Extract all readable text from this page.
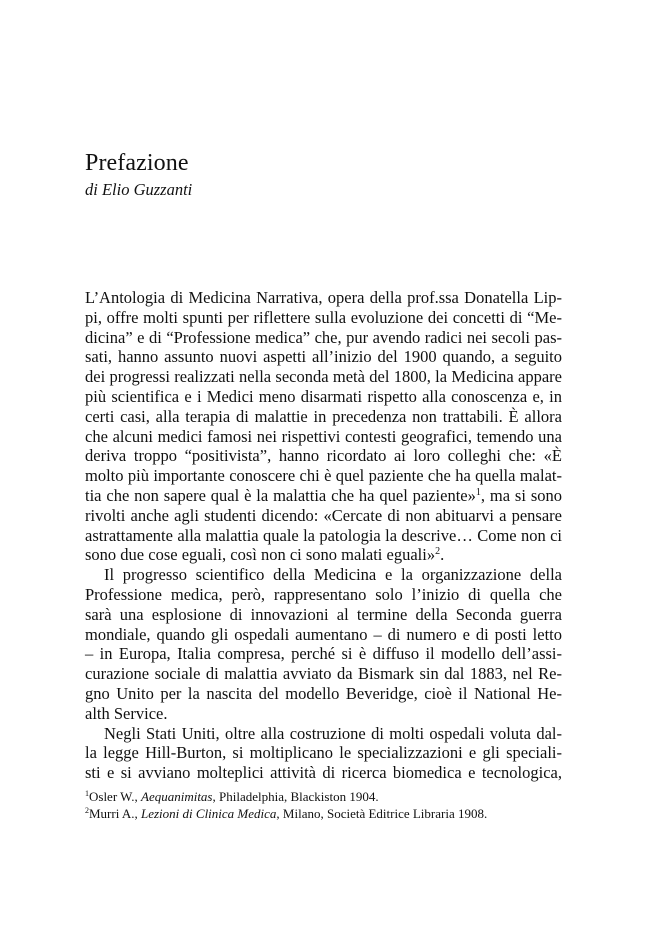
Prefazione
di Elio Guzzanti
L’Antologia di Medicina Narrativa, opera della prof.ssa Donatella Lip-
pi, offre molti spunti per riflettere sulla evoluzione dei concetti di “Me-
dicina” e di “Professione medica” che, pur avendo radici nei secoli pas-
sati, hanno assunto nuovi aspetti all’inizio del 1900 quando, a seguito
dei progressi realizzati nella seconda metà del 1800, la Medicina appare
più scientifica e i Medici meno disarmati rispetto alla conoscenza e, in
certi casi, alla terapia di malattie in precedenza non trattabili. È allora
che alcuni medici famosi nei rispettivi contesti geografici, temendo una
deriva troppo “positivista”, hanno ricordato ai loro colleghi che: «È
molto più importante conoscere chi è quel paziente che ha quella malat-
tia che non sapere qual è la malattia che ha quel paziente»$^1$, ma si sono
rivolti anche agli studenti dicendo: «Cercate di non abituarvi a pensare
astrattamente alla malattia quale la patologia la descrive… Come non ci
sono due cose eguali, così non ci sono malati eguali»$^2$.
Il progresso scientifico della Medicina e la organizzazione della
Professione medica, però, rappresentano solo l’inizio di quella che
sarà una esplosione di innovazioni al termine della Seconda guerra
mondiale, quando gli ospedali aumentano – di numero e di posti letto
– in Europa, Italia compresa, perché si è diffuso il modello dell’assi-
curazione sociale di malattia avviato da Bismark sin dal 1883, nel Re-
gno Unito per la nascita del modello Beveridge, cioè il National He-
alth Service.
Negli Stati Uniti, oltre alla costruzione di molti ospedali voluta dal-
la legge Hill-Burton, si moltiplicano le specializzazioni e gli speciali-
sti e si avviano molteplici attività di ricerca biomedica e tecnologica,
$^1$Osler W., Aequanimitas, Philadelphia, Blackiston 1904.
$^2$Murri A., Lezioni di Clinica Medica, Milano, Società Editrice Libraria 1908.
